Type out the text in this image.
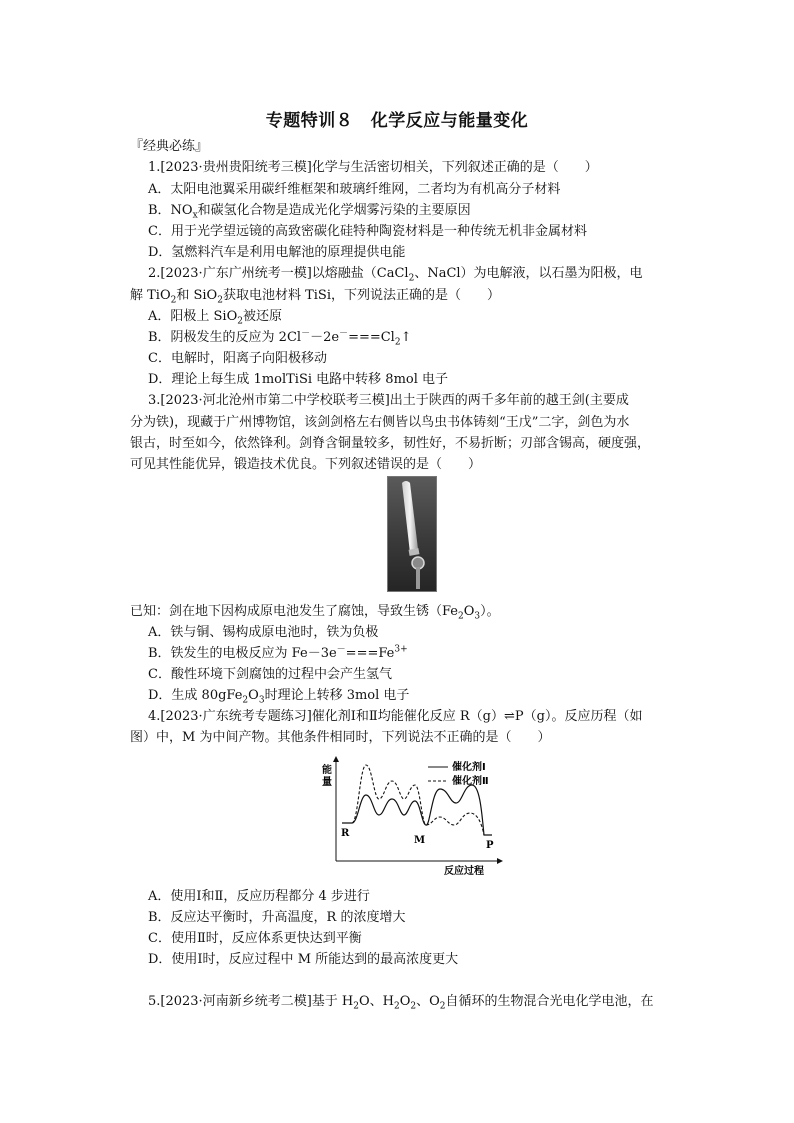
专题特训８　化学反应与能量变化
『经典必练』
1.[2023·贵州贵阳统考三模]化学与生活密切相关，下列叙述正确的是（　　）
A．太阳电池翼采用碳纤维框架和玻璃纤维网，二者均为有机高分子材料
B．$NO_x$和碳氢化合物是造成光化学烟雾污染的主要原因
C．用于光学望远镜的高致密碳化硅特种陶瓷材料是一种传统无机非金属材料
D．氢燃料汽车是利用电解池的原理提供电能
2.[2023·广东广州统考一模]以熔融盐（CaCl$_2$、NaCl）为电解液，以石墨为阳极，电
解 TiO$_2$和 SiO$_2$获取电池材料 TiSi，下列说法正确的是（　　）
A．阳极上 SiO$_2$被还原
B．阴极发生的反应为 $2Cl^--2e^-===Cl_2↑$
C．电解时，阳离子向阳极移动
D．理论上每生成 1molTiSi 电路中转移 8mol 电子
3.[2023·河北沧州市第二中学校联考三模]出土于陕西的两千多年前的越王剑(主要成
分为铁)，现藏于广州博物馆，该剑剑格左右侧皆以鸟虫书体铸刻“王戊”二字，剑色为水
银古，时至如今，依然锋利。剑脊含铜量较多，韧性好，不易折断；刃部含锡高，硬度强，
可见其性能优异，锻造技术优良。下列叙述错误的是（　　）
已知：剑在地下因构成原电池发生了腐蚀，导致生锈$(Fe_2O_3)$。
A．铁与铜、锡构成原电池时，铁为负极
B．铁发生的电极反应为 $Fe-3e^-===Fe^{3+}$
C．酸性环境下剑腐蚀的过程中会产生氢气
D．生成 $80gFe_2O_3$时理论上转移 3mol 电子
4.[2023·广东统考专题练习]催化剂Ⅰ和Ⅱ均能催化反应 R（g）⇌P（g）。反应历程（如
图）中，M 为中间产物。其他条件相同时，下列说法不正确的是（　　）
能
量
反应过程
催化剂Ⅰ
催化剂Ⅱ
R
M	P
A．使用Ⅰ和Ⅱ，反应历程都分 4 步进行
B．反应达平衡时，升高温度，R 的浓度增大
C．使用Ⅱ时，反应体系更快达到平衡
D．使用Ⅰ时，反应过程中 M 所能达到的最高浓度更大
5.[2023·河南新乡统考二模]基于 $H_2O$、$H_2O_2$、$O_2$自循环的生物混合光电化学电池，在
